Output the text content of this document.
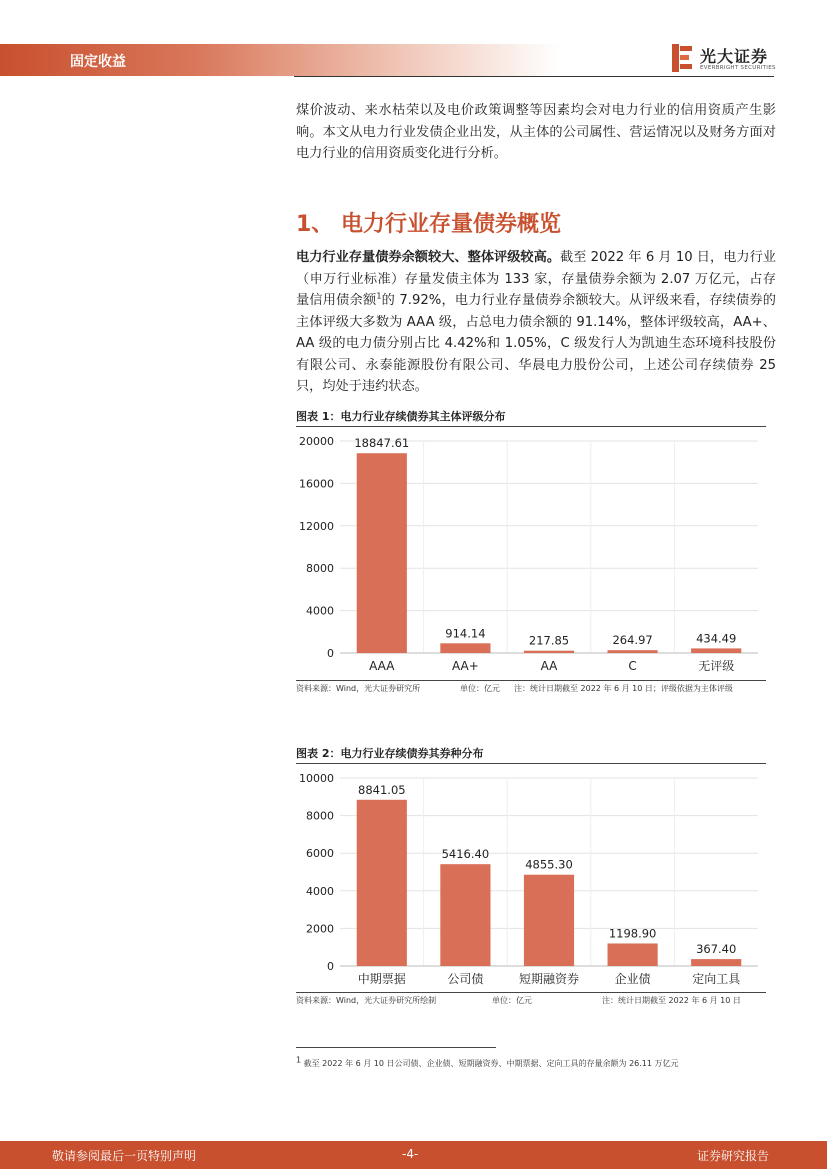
固定收益	光大证券
EVERBRIGHT SECURITIES
煤价波动、来水枯荣以及电价政策调整等因素均会对电力行业的信用资质产生影响。本文从电力行业发债企业出发，从主体的公司属性、营运情况以及财务方面对电力行业的信用资质变化进行分析。
1、 电力行业存量债券概览
电力行业存量债券余额较大、整体评级较高。截至 2022 年 6 月 10 日，电力行业（申万行业标准）存量发债主体为 133 家，存量债券余额为 2.07 万亿元，占存量信用债余额$^1$的 7.92%，电力行业存量债券余额较大。从评级来看，存续债券的主体评级大多数为 AAA 级，占总电力债余额的 91.14%，整体评级较高，AA+、AA 级的电力债分别占比 4.42%和 1.05%，C 级发行人为凯迪生态环境科技股份有限公司、永泰能源股份有限公司、华晨电力股份公司，上述公司存续债券 25 只，均处于违约状态。
图表 1：电力行业存续债券其主体评级分布
0
4000
8000
12000
16000
20000 18847.61
AAA
914.14
AA+
217.85
AA
264.97
C
434.49
无评级
资料来源：Wind，光大证券研究所	单位：亿元 注：统计日期截至 2022 年 6 月 10 日；评级依据为主体评级
图表 2：电力行业存续债券其券种分布
0
2000
4000
6000
8000
10000
8841.05
中期票据
5416.40
公司债
4855.30
短期融资券
1198.90
企业债
367.40
定向工具
资料来源：Wind，光大证券研究所绘制	单位：亿元	注：统计日期截至 2022 年 6 月 10 日
1 截至 2022 年 6 月 10 日公司债、企业债、短期融资券、中期票据、定向工具的存量余额为 26.11 万亿元
敬请参阅最后一页特别声明	-4-	证券研究报告
